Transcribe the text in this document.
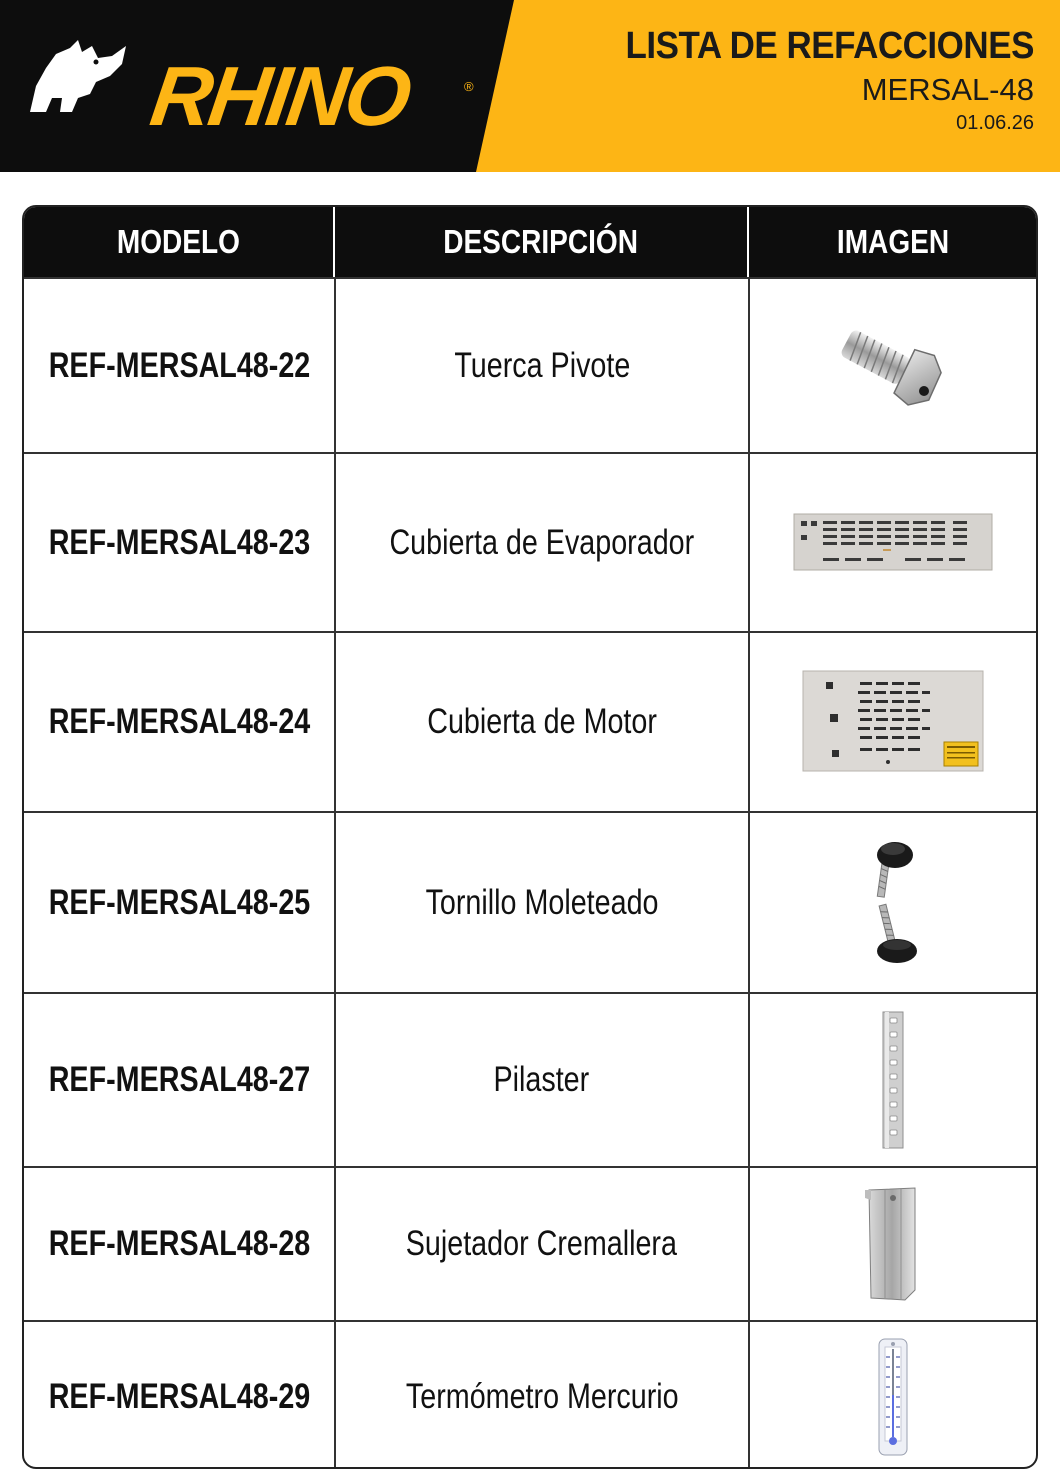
RHINO	®
LISTA DE REFACCIONES
MERSAL-48
01.06.26
MODELO	DESCRIPCIÓN	IMAGEN
REF-MERSAL48-22	Tuerca Pivote
REF-MERSAL48-23 Cubierta de Evaporador
REF-MERSAL48-24	Cubierta de Motor
REF-MERSAL48-25	Tornillo Moleteado
REF-MERSAL48-27	Pilaster
REF-MERSAL48-28	Sujetador Cremallera
REF-MERSAL48-29	Termómetro Mercurio
